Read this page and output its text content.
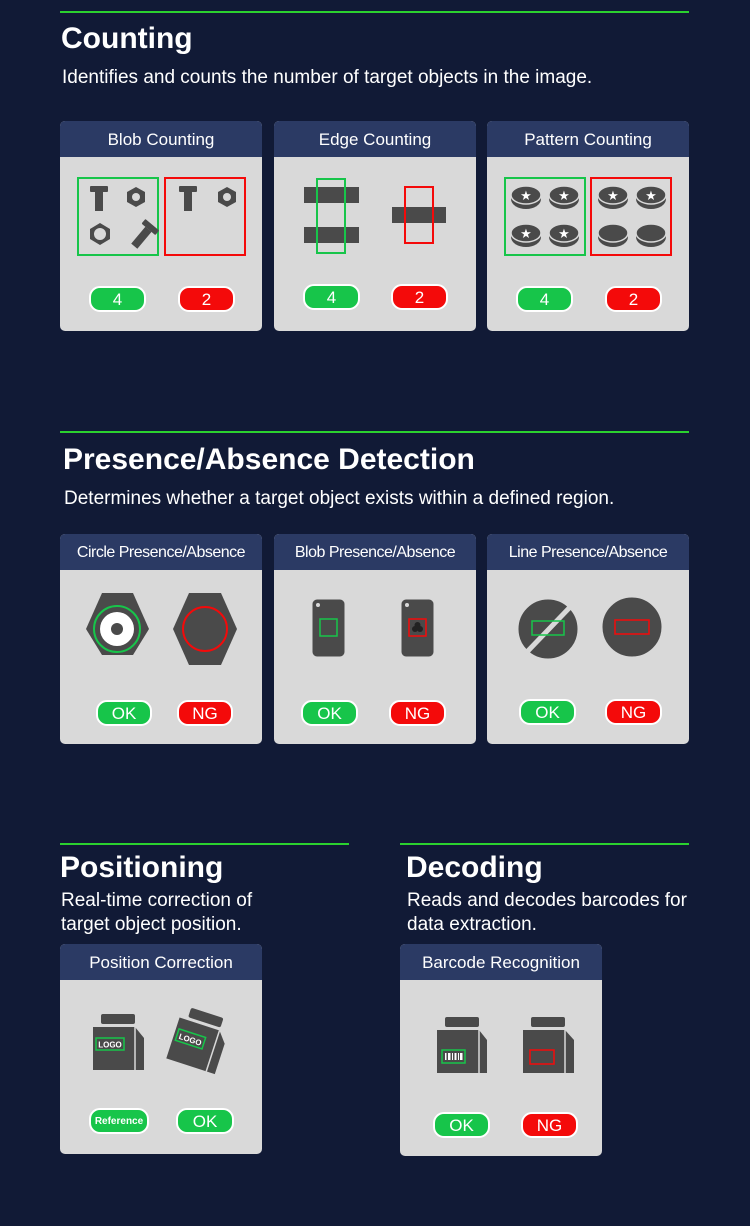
Counting

Identifies and counts the number of target objects in the image.

Blob Counting
4	2
Edge Counting
4	2
Pattern Counting
★ ★
★ ★
★ ★
4	2
Presence/Absence Detection

Determines whether a target object exists within a defined region.

Circle Presence/Absence
OK	NG
Blob Presence/Absence
OK	NG
Line Presence/Absence
OK	NG
Positioning

Real-time correction of target object position.

Position Correction
LOGO	LOGO
Reference	OK
Decoding

Reads and decodes barcodes for data extraction.

Barcode Recognition
OK	NG
